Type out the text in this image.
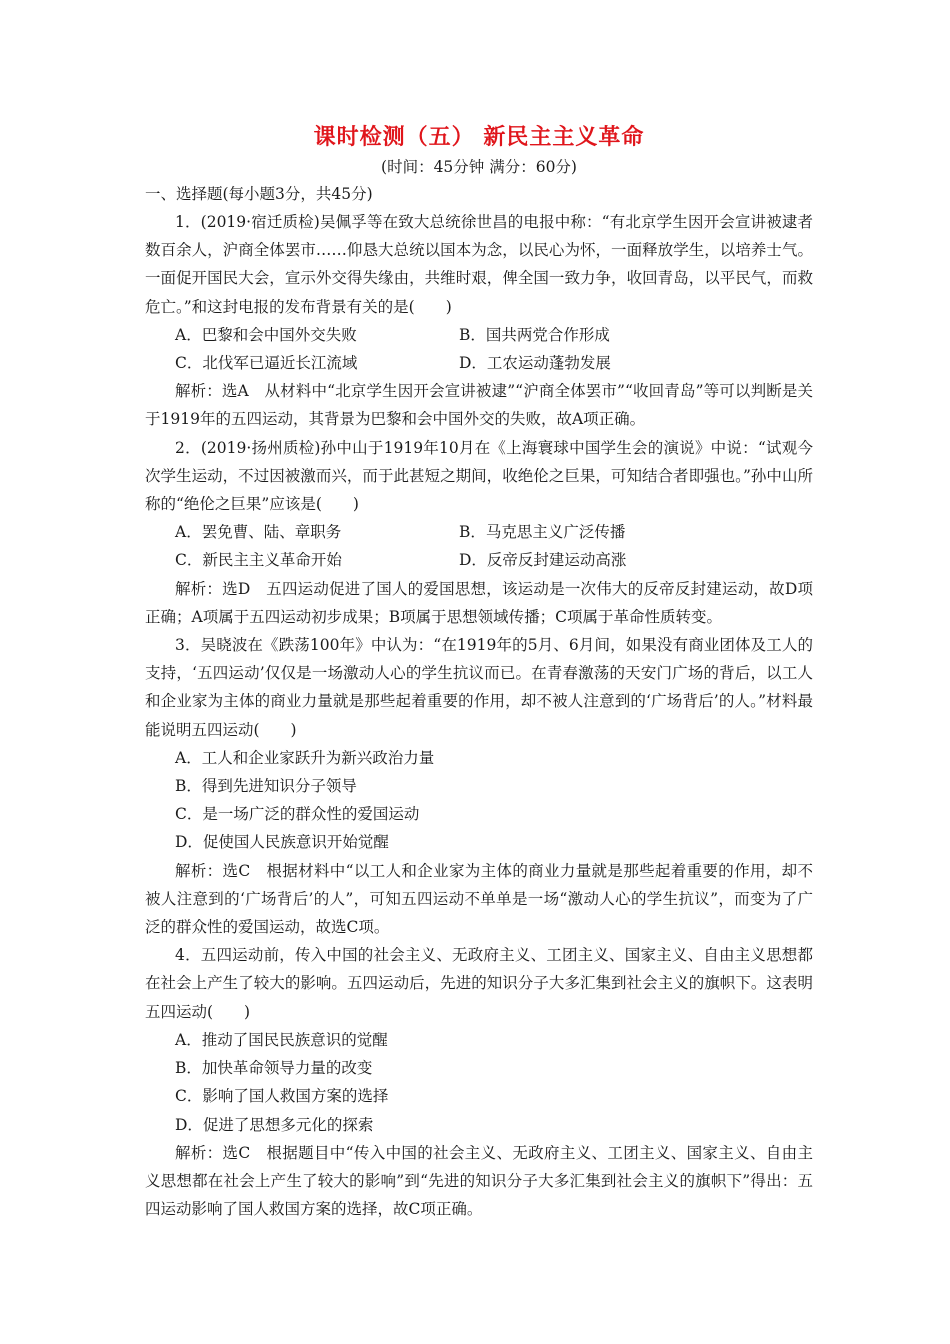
课时检测（五） 新民主主义革命

(时间：45分钟 满分：60分)

一、选择题(每小题3分，共45分)

1．(2019·宿迁质检)吴佩孚等在致大总统徐世昌的电报中称：“有北京学生因开会宣讲被逮者数百余人，沪商全体罢市……仰恳大总统以国本为念，以民心为怀，一面释放学生，以培养士气。一面促开国民大会，宣示外交得失缘由，共维时艰，俾全国一致力争，收回青岛，以平民气，而救危亡。”和这封电报的发布背景有关的是(　　)

A．巴黎和会中国外交失败	B．国共两党合作形成
C．北伐军已逼近长江流域	D．工农运动蓬勃发展

解析：选A　从材料中“北京学生因开会宣讲被逮”“沪商全体罢市”“收回青岛”等可以判断是关于1919年的五四运动，其背景为巴黎和会中国外交的失败，故A项正确。

2．(2019·扬州质检)孙中山于1919年10月在《上海寰球中国学生会的演说》中说：“试观今次学生运动，不过因被激而兴，而于此甚短之期间，收绝伦之巨果，可知结合者即强也。”孙中山所称的“绝伦之巨果”应该是(　　)

A．罢免曹、陆、章职务	B．马克思主义广泛传播
C．新民主主义革命开始	D．反帝反封建运动高涨

解析：选D　五四运动促进了国人的爱国思想，该运动是一次伟大的反帝反封建运动，故D项正确；A项属于五四运动初步成果；B项属于思想领域传播；C项属于革命性质转变。

3．吴晓波在《跌荡100年》中认为：“在1919年的5月、6月间，如果没有商业团体及工人的支持，‘五四运动’仅仅是一场激动人心的学生抗议而已。在青春激荡的天安门广场的背后，以工人和企业家为主体的商业力量就是那些起着重要的作用，却不被人注意到的‘广场背后’的人。”材料最能说明五四运动(　　)

A．工人和企业家跃升为新兴政治力量

B．得到先进知识分子领导

C．是一场广泛的群众性的爱国运动

D．促使国人民族意识开始觉醒

解析：选C　根据材料中“以工人和企业家为主体的商业力量就是那些起着重要的作用，却不被人注意到的‘广场背后’的人”，可知五四运动不单单是一场“激动人心的学生抗议”，而变为了广泛的群众性的爱国运动，故选C项。

4．五四运动前，传入中国的社会主义、无政府主义、工团主义、国家主义、自由主义思想都在社会上产生了较大的影响。五四运动后，先进的知识分子大多汇集到社会主义的旗帜下。这表明五四运动(　　)

A．推动了国民民族意识的觉醒

B．加快革命领导力量的改变

C．影响了国人救国方案的选择

D．促进了思想多元化的探索

解析：选C　根据题目中“传入中国的社会主义、无政府主义、工团主义、国家主义、自由主义思想都在社会上产生了较大的影响”到“先进的知识分子大多汇集到社会主义的旗帜下”得出：五四运动影响了国人救国方案的选择，故C项正确。
